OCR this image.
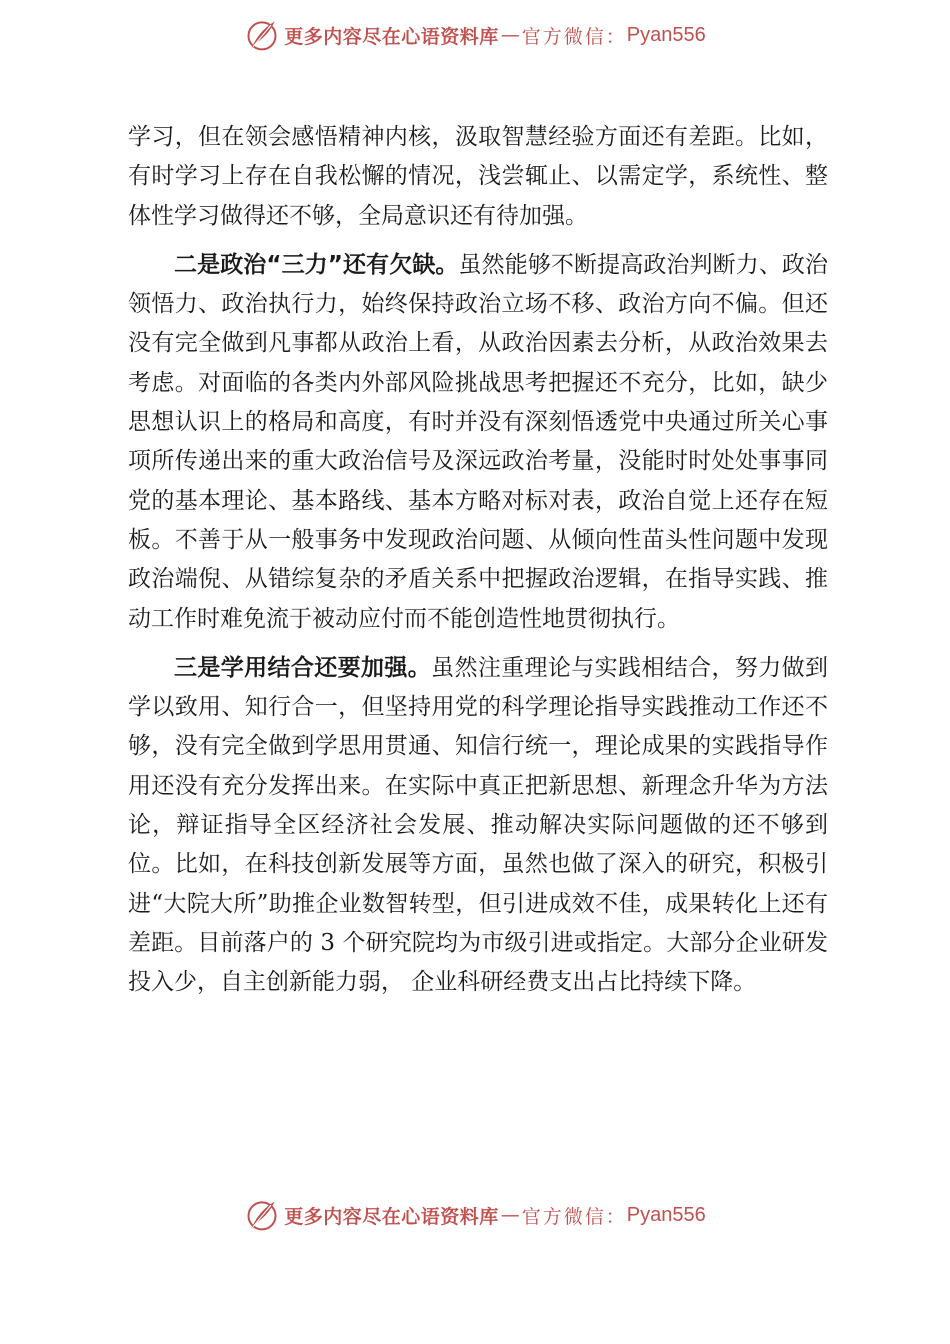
更多内容尽在心语资料库 — 官方微信： Pyan556

学习，但在领会感悟精神内核，汲取智慧经验方面还有差距。比如，有时学习上存在自我松懈的情况，浅尝辄止、以需定学，系统性、整体性学习做得还不够，全局意识还有待加强。

二是政治“三力”还有欠缺。虽然能够不断提高政治判断力、政治领悟力、政治执行力，始终保持政治立场不移、政治方向不偏。但还没有完全做到凡事都从政治上看，从政治因素去分析，从政治效果去考虑。对面临的各类内外部风险挑战思考把握还不充分，比如，缺少思想认识上的格局和高度，有时并没有深刻悟透党中央通过所关心事项所传递出来的重大政治信号及深远政治考量，没能时时处处事事同党的基本理论、基本路线、基本方略对标对表，政治自觉上还存在短板。不善于从一般事务中发现政治问题、从倾向性苗头性问题中发现政治端倪、从错综复杂的矛盾关系中把握政治逻辑，在指导实践、推动工作时难免流于被动应付而不能创造性地贯彻执行。

三是学用结合还要加强。虽然注重理论与实践相结合，努力做到学以致用、知行合一，但坚持用党的科学理论指导实践推动工作还不够，没有完全做到学思用贯通、知信行统一，理论成果的实践指导作用还没有充分发挥出来。在实际中真正把新思想、新理念升华为方法论，辩证指导全区经济社会发展、推动解决实际问题做的还不够到位。比如，在科技创新发展等方面，虽然也做了深入的研究，积极引进“大院大所”助推企业数智转型，但引进成效不佳，成果转化上还有差距。目前落户的 3 个研究院均为市级引进或指定。大部分企业研发投入少，自主创新能力弱， 企业科研经费支出占比持续下降。

更多内容尽在心语资料库 — 官方微信： Pyan556
